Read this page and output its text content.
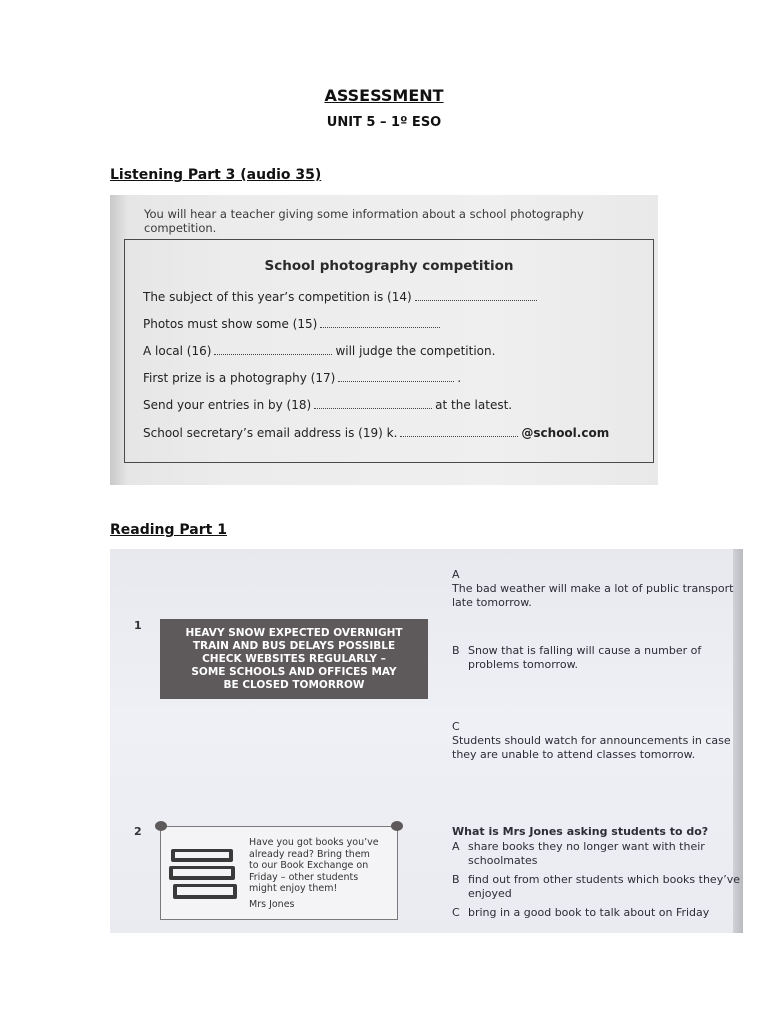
ASSESSMENT
UNIT 5 – 1º ESO
Listening Part 3 (audio 35)
You will hear a teacher giving some information about a school photography competition.
School photography competition
The subject of this year’s competition is (14)
Photos must show some (15)
A local (16)	will judge the competition.
First prize is a photography (17)	.
Send your entries in by (18)	at the latest.
School secretary’s email address is (19) k.	@school.com
Reading Part 1
1
HEAVY SNOW EXPECTED OVERNIGHT
TRAIN AND BUS DELAYS POSSIBLE
CHECK WEBSITES REGULARLY –
SOME SCHOOLS AND OFFICES MAY
BE CLOSED TOMORROW
AThe bad weather will make a lot of public transport
late tomorrow.
B Snow that is falling will cause a number of
problems tomorrow.
CStudents should watch for announcements in case
they are unable to attend classes tomorrow.
2
Have you got books you’ve
already read? Bring them
to our Book Exchange on
Friday – other students
might enjoy them!
Mrs Jones
What is Mrs Jones asking students to do?
A share books they no longer want with their
schoolmates
B find out from other students which books they’ve
enjoyed
C bring in a good book to talk about on Friday
